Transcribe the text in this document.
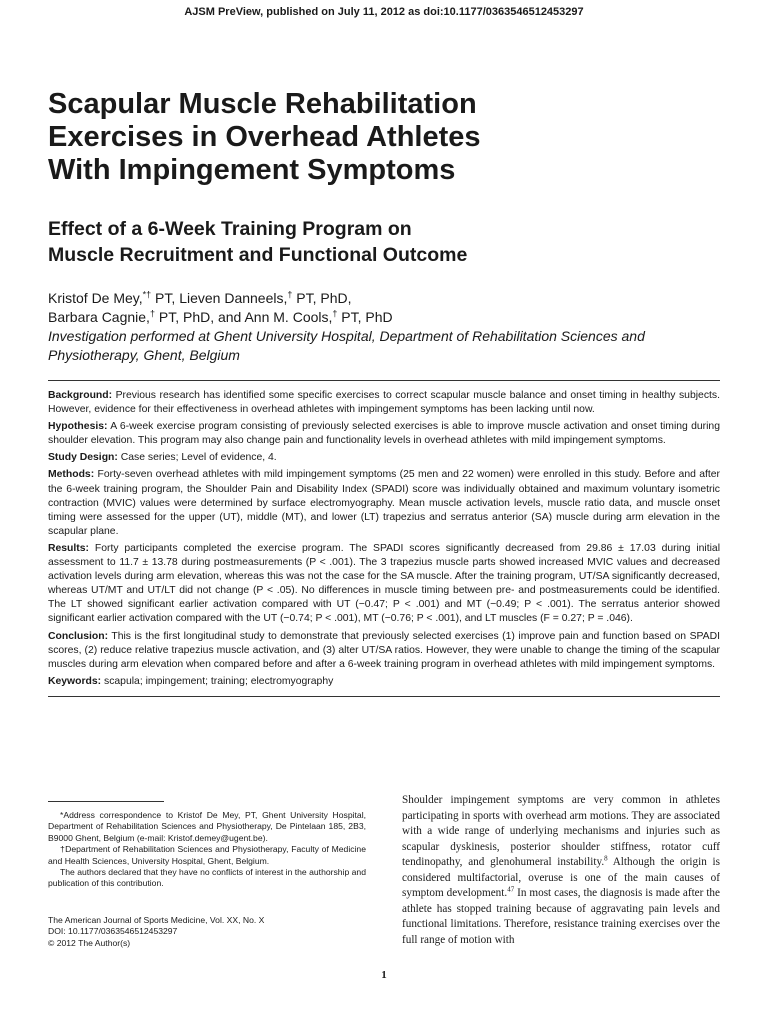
AJSM PreView, published on July 11, 2012 as doi:10.1177/0363546512453297
Scapular Muscle Rehabilitation
Exercises in Overhead Athletes
With Impingement Symptoms
Effect of a 6-Week Training Program on
Muscle Recruitment and Functional Outcome
Kristof De Mey,*† PT, Lieven Danneels,† PT, PhD,
Barbara Cagnie,† PT, PhD, and Ann M. Cools,† PT, PhD
Investigation performed at Ghent University Hospital, Department of Rehabilitation Sciences and Physiotherapy, Ghent, Belgium

Background: Previous research has identified some specific exercises to correct scapular muscle balance and onset timing in healthy subjects. However, evidence for their effectiveness in overhead athletes with impingement symptoms has been lacking until now.

Hypothesis: A 6-week exercise program consisting of previously selected exercises is able to improve muscle activation and onset timing during shoulder elevation. This program may also change pain and functionality levels in overhead athletes with mild impingement symptoms.

Study Design: Case series; Level of evidence, 4.

Methods: Forty-seven overhead athletes with mild impingement symptoms (25 men and 22 women) were enrolled in this study. Before and after the 6-week training program, the Shoulder Pain and Disability Index (SPADI) score was individually obtained and maximum voluntary isometric contraction (MVIC) values were determined by surface electromyography. Mean muscle activation levels, muscle ratio data, and muscle onset timing were assessed for the upper (UT), middle (MT), and lower (LT) trapezius and serratus anterior (SA) muscle during arm elevation in the scapular plane.

Results: Forty participants completed the exercise program. The SPADI scores significantly decreased from 29.86 ± 17.03 during initial assessment to 11.7 ± 13.78 during postmeasurements (P < .001). The 3 trapezius muscle parts showed increased MVIC values and decreased activation levels during arm elevation, whereas this was not the case for the SA muscle. After the training program, UT/SA significantly decreased, whereas UT/MT and UT/LT did not change (P < .05). No differences in muscle timing between pre- and postmeasurements could be identified. The LT showed significant earlier activation compared with UT (−0.47; P < .001) and MT (−0.49; P < .001). The serratus anterior showed significant earlier activation compared with the UT (−0.74; P < .001), MT (−0.76; P < .001), and LT muscles (F = 0.27; P = .046).

Conclusion: This is the first longitudinal study to demonstrate that previously selected exercises (1) improve pain and function based on SPADI scores, (2) reduce relative trapezius muscle activation, and (3) alter UT/SA ratios. However, they were unable to change the timing of the scapular muscles during arm elevation when compared before and after a 6-week training program in overhead athletes with mild impingement symptoms.

Keywords: scapula; impingement; training; electromyography

*Address correspondence to Kristof De Mey, PT, Ghent University Hospital, Department of Rehabilitation Sciences and Physiotherapy, De Pintelaan 185, 2B3, B9000 Ghent, Belgium (e-mail: Kristof.demey@ugent.be).

†Department of Rehabilitation Sciences and Physiotherapy, Faculty of Medicine and Health Sciences, University Hospital, Ghent, Belgium.

The authors declared that they have no conflicts of interest in the authorship and publication of this contribution.

The American Journal of Sports Medicine, Vol. XX, No. X
DOI: 10.1177/0363546512453297
© 2012 The Author(s)

Shoulder impingement symptoms are very common in athletes participating in sports with overhead arm motions. They are associated with a wide range of underlying mechanisms and injuries such as scapular dyskinesis, posterior shoulder stiffness, rotator cuff tendinopathy, and glenohumeral instability.$^8$ Although the origin is considered multifactorial, overuse is one of the main causes of symptom development.$^{47}$ In most cases, the diagnosis is made after the athlete has stopped training because of aggravating pain levels and functional limitations. Therefore, resistance training exercises over the full range of motion with

1
